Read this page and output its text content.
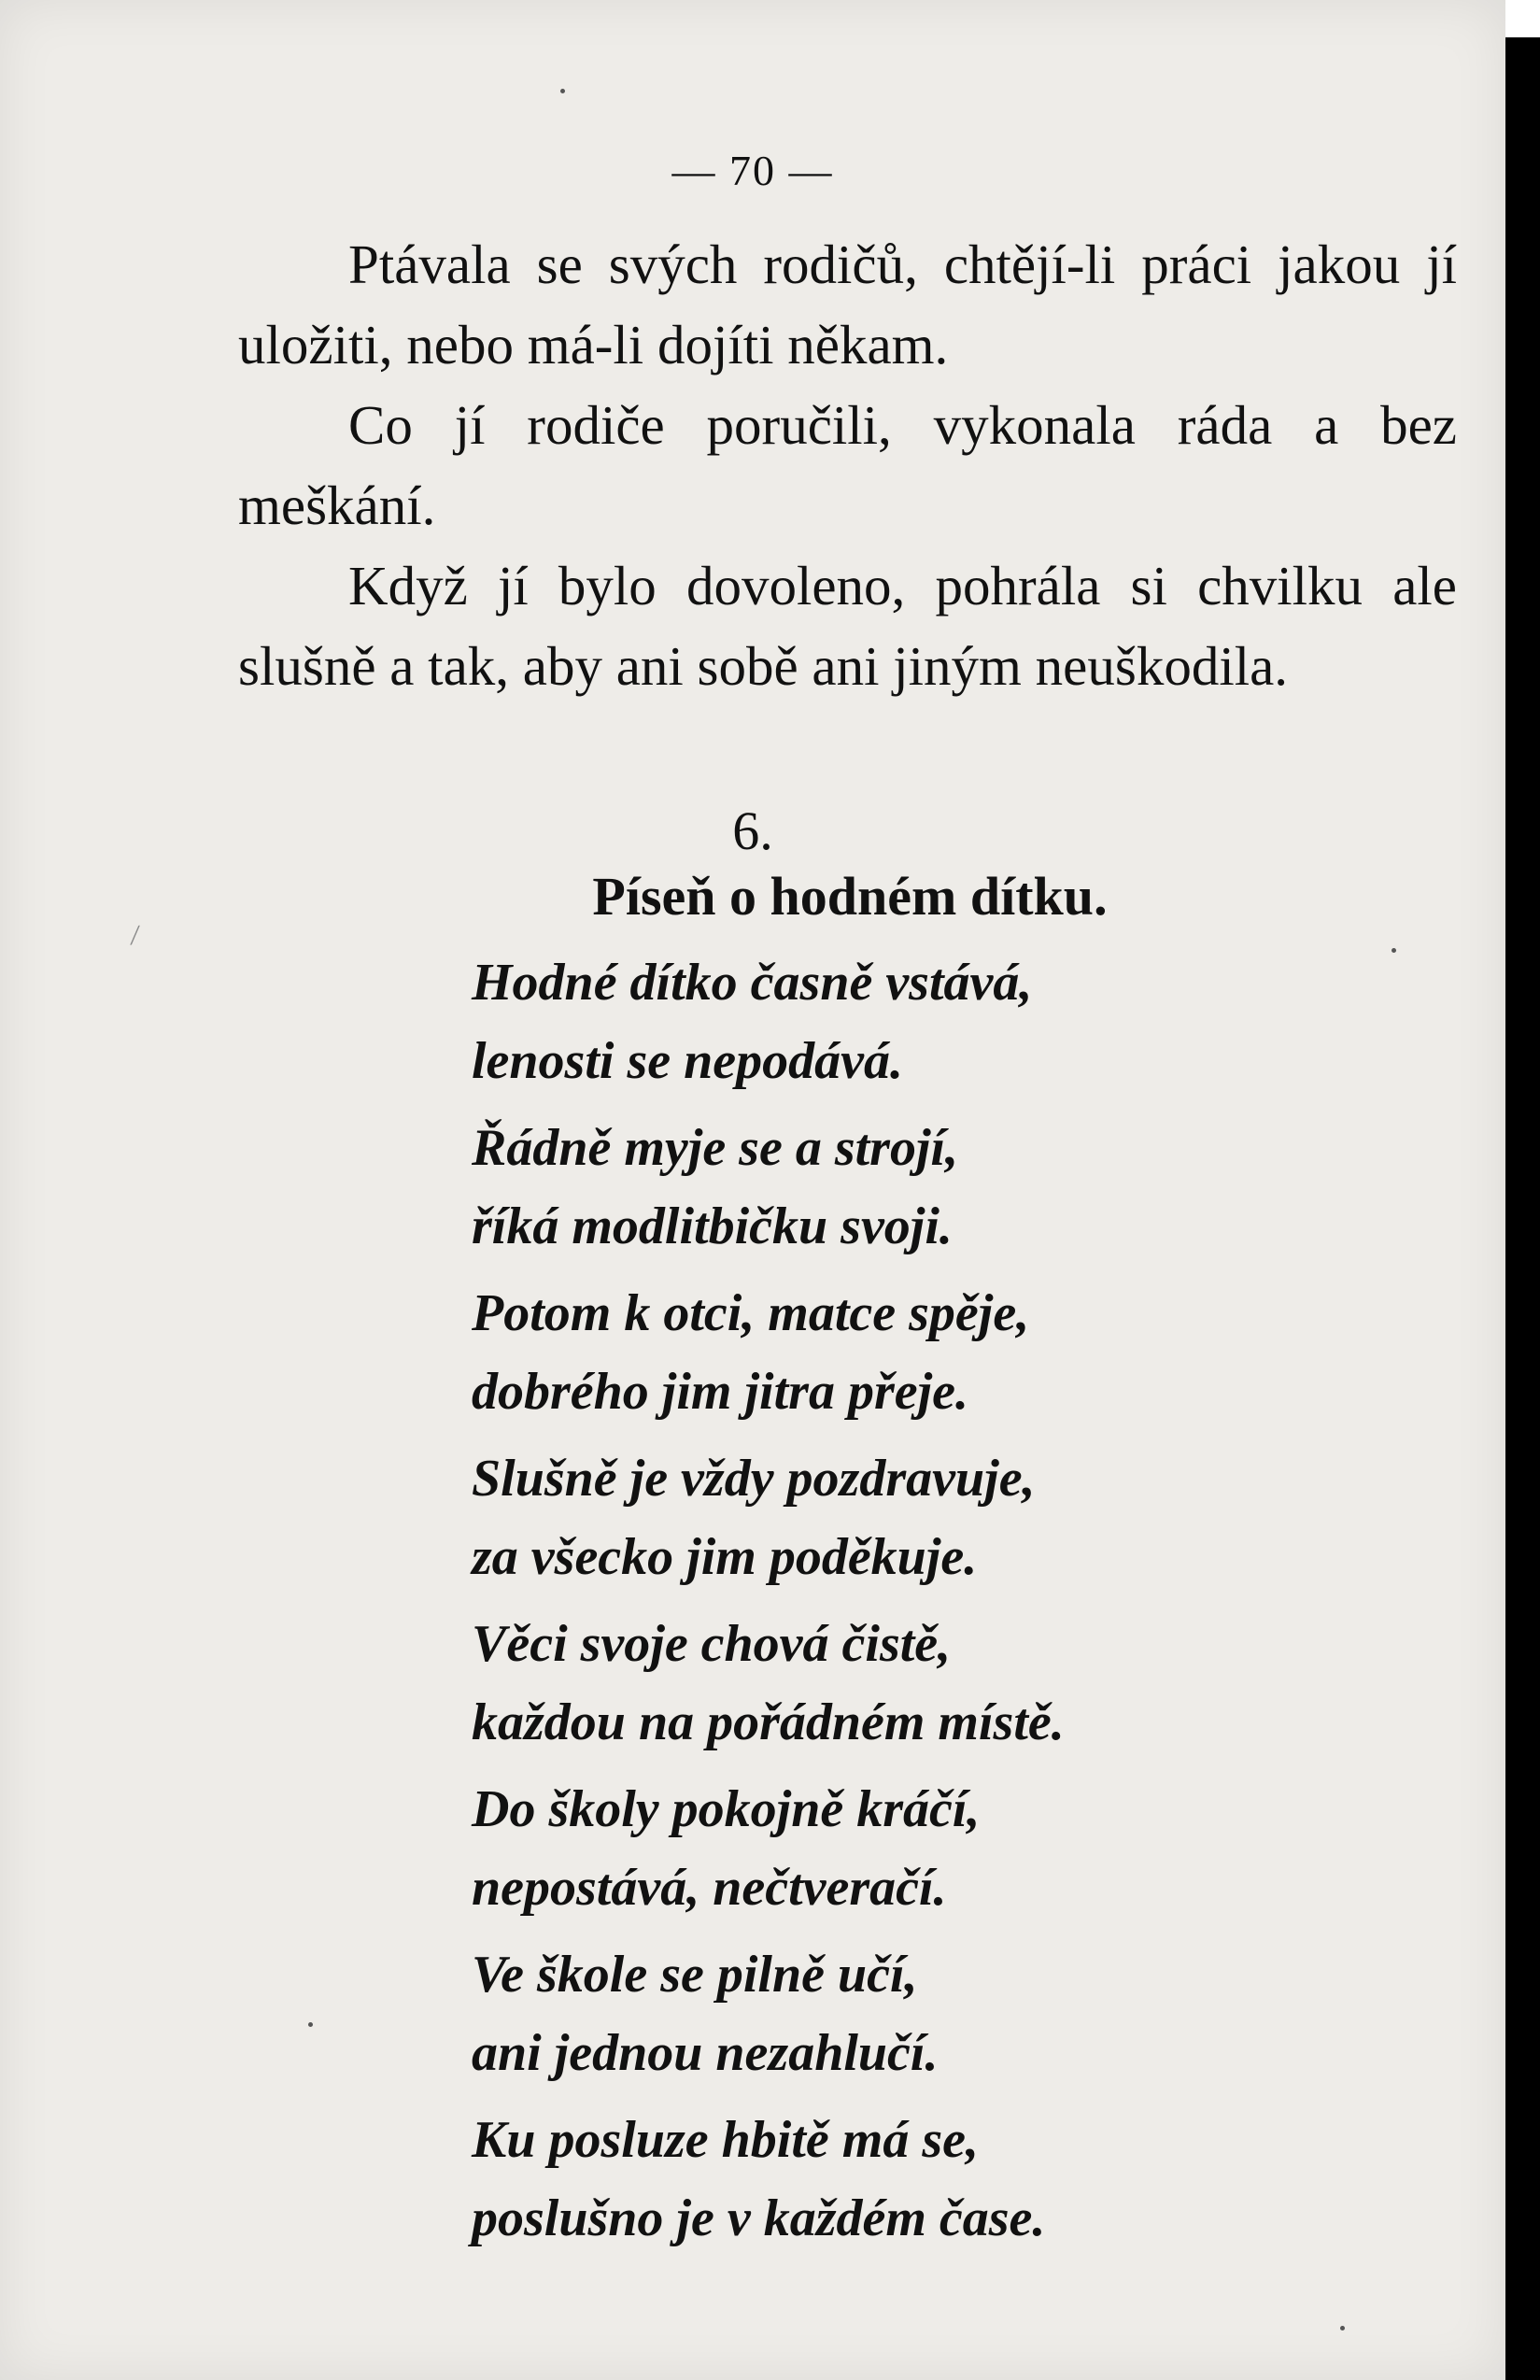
— 70 —

Ptávala se svých rodičů, chtějí-li práci jakou jí uložiti, nebo má-li dojíti někam.

Co jí rodiče poručili, vykonala ráda a bez meškání.

Když jí bylo dovoleno, pohrála si chvilku ale slušně a tak, aby ani sobě ani jiným neuškodila.

6.
Píseň o hodném dítku.
/

Hodné dítko časně vstává,
lenosti se nepodává.

Řádně myje se a strojí,
říká modlitbičku svoji.

Potom k otci, matce spěje,
dobrého jim jitra přeje.

Slušně je vždy pozdravuje,
za všecko jim poděkuje.

Věci svoje chová čistě,
každou na pořádném místě.

Do školy pokojně kráčí,
nepostává, nečtveračí.

Ve škole se pilně učí,
ani jednou nezahlučí.

Ku posluze hbitě má se,
poslušno je v každém čase.
